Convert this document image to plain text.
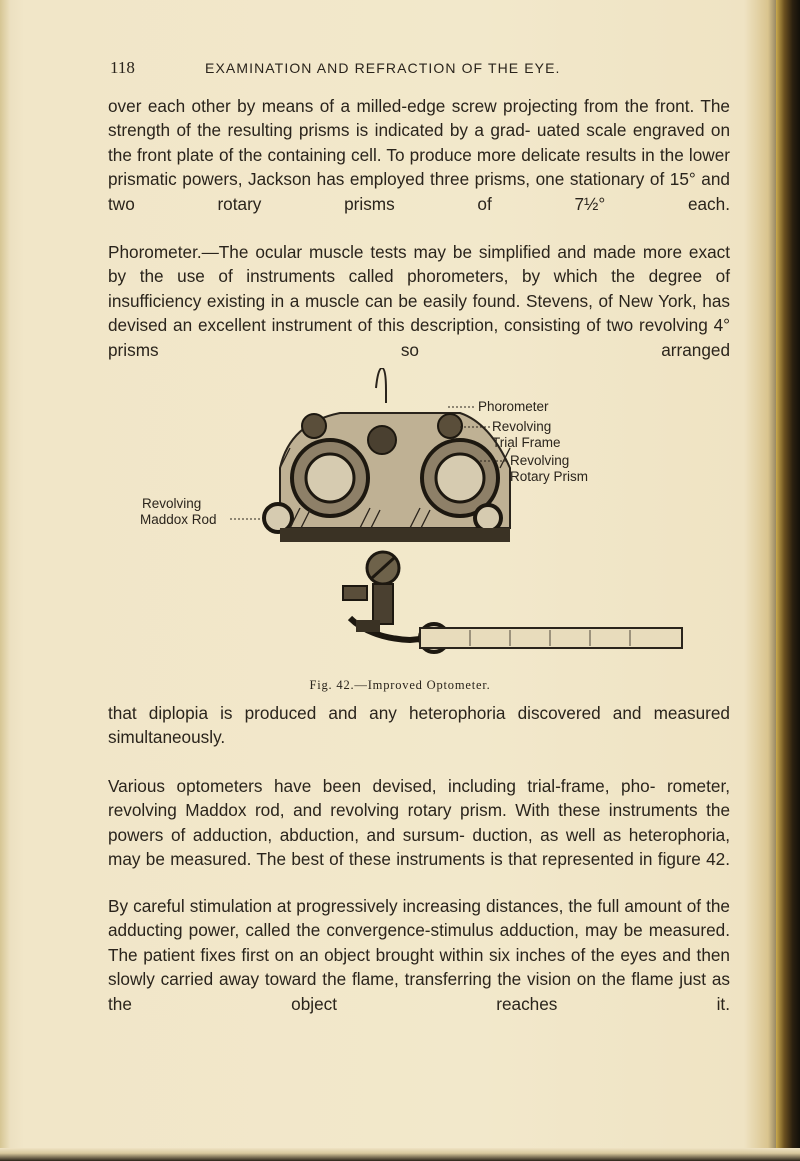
118	EXAMINATION AND REFRACTION OF THE EYE.
over each other by means of a milled-edge screw projecting from the front. The strength of the resulting prisms is indicated by a grad- uated scale engraved on the front plate of the containing cell. To produce more delicate results in the lower prismatic powers, Jackson has employed three prisms, one stationary of 15° and two rotary	prisms of 7½° each.
Phorometer.—The ocular muscle tests may be simplified and made more exact by the use of instruments called phorometers, by which the degree of insufficiency existing in a muscle can be easily found. Stevens, of New York, has devised an excellent instrument of this description, consisting of two revolving 4° prisms so arranged
Phorometer
Revolving
Trial Frame
Revolving
Rotary Prism
Revolving
Maddox Rod
Fig. 42.—Improved Optometer.
that diplopia is produced and any heterophoria discovered and measured simultaneously.
Various optometers have been devised, including trial-frame, pho- rometer, revolving Maddox rod, and revolving rotary prism. With these instruments the powers of adduction, abduction, and sursum- duction, as well as heterophoria, may be measured. The best of these instruments is that represented in figure 42.
By careful stimulation at progressively increasing distances, the full amount of the adducting power, called the convergence-stimulus adduction, may be measured. The patient fixes first on an object brought within six inches of the eyes and then slowly carried away toward the flame, transferring the vision on the flame just as the	object reaches it.
